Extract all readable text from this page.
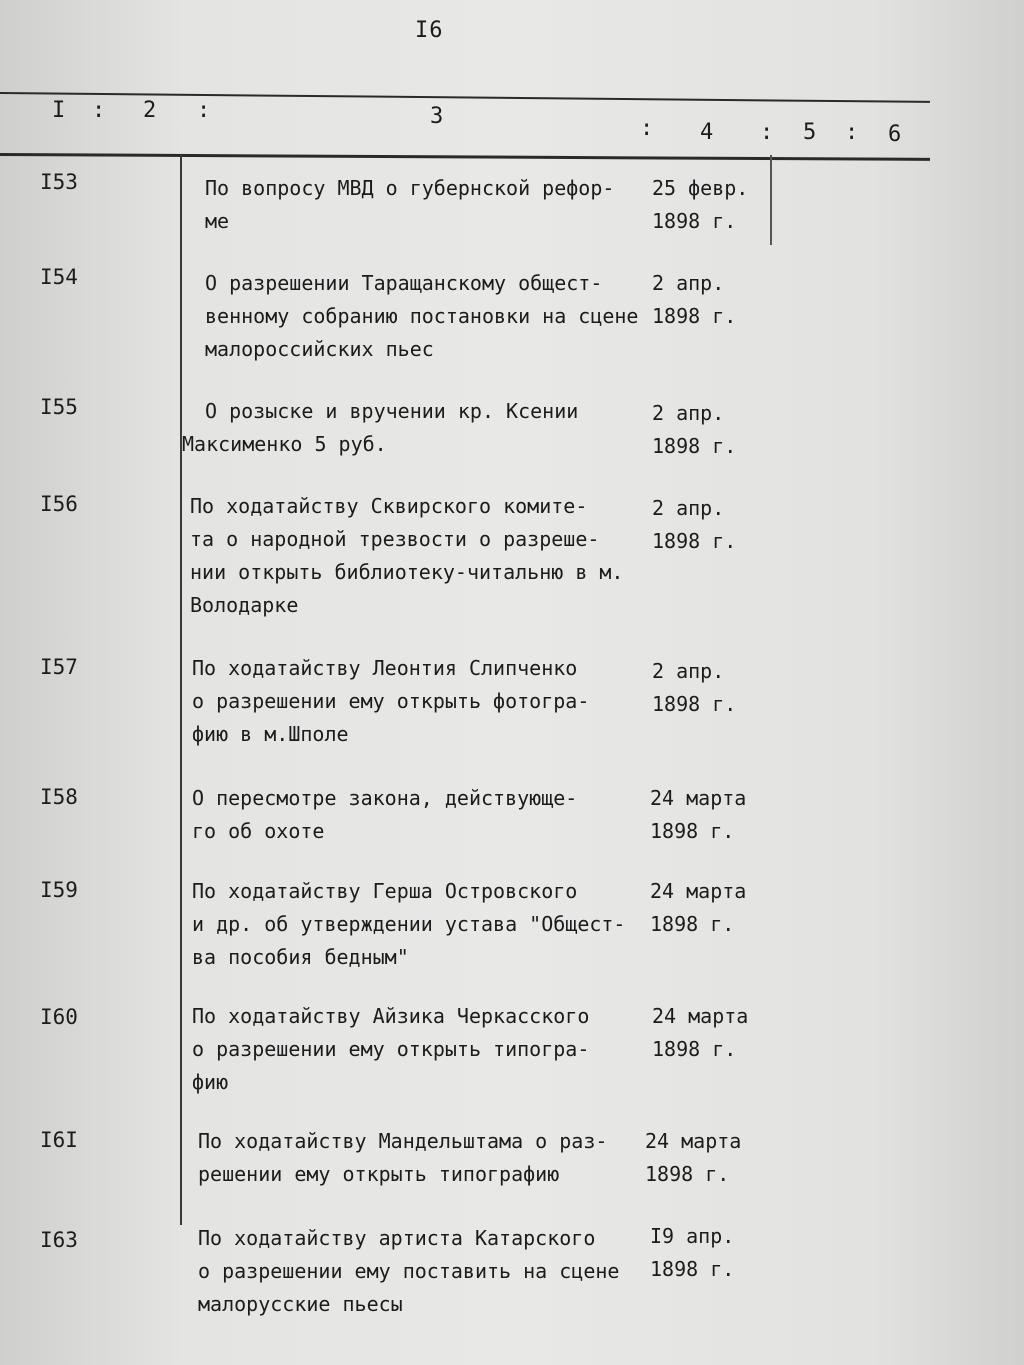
I6
I : 2 :	3	: 4 : 5 : 6
I53	По вопросу МВД о губернской рефор-
ме
25 февр.
1898 г.
I54	О разрешении Таращанскому общест-
венному собранию постановки на сцене
малороссийских пьес
2 апр.
1898 г.
I55	О розыске и вручении кр. Ксении
Максименко 5 руб.
2 апр.
1898 г.
I56	По ходатайству Сквирского комите-
та о народной трезвости о разреше-
нии открыть библиотеку-читальню в м.
Володарке
2 апр.
1898 г.
I57	По ходатайству Леонтия Слипченко
о разрешении ему открыть фотогра-
фию в м.Шполе
2 апр.
1898 г.
I58	О пересмотре закона, действующе-
го об охоте
24 марта
1898 г.
I59	По ходатайству Герша Островского
и др. об утверждении устава "Общест-
ва пособия бедным"
24 марта
1898 г.
I60	По ходатайству Айзика Черкасского
о разрешении ему открыть типогра-
фию
24 марта
1898 г.
I6I	По ходатайству Мандельштама о раз-
решении ему открыть типографию
24 марта
1898 г.
I63	По ходатайству артиста Катарского
о разрешении ему поставить на сцене
малорусские пьесы
I9 апр.
1898 г.
